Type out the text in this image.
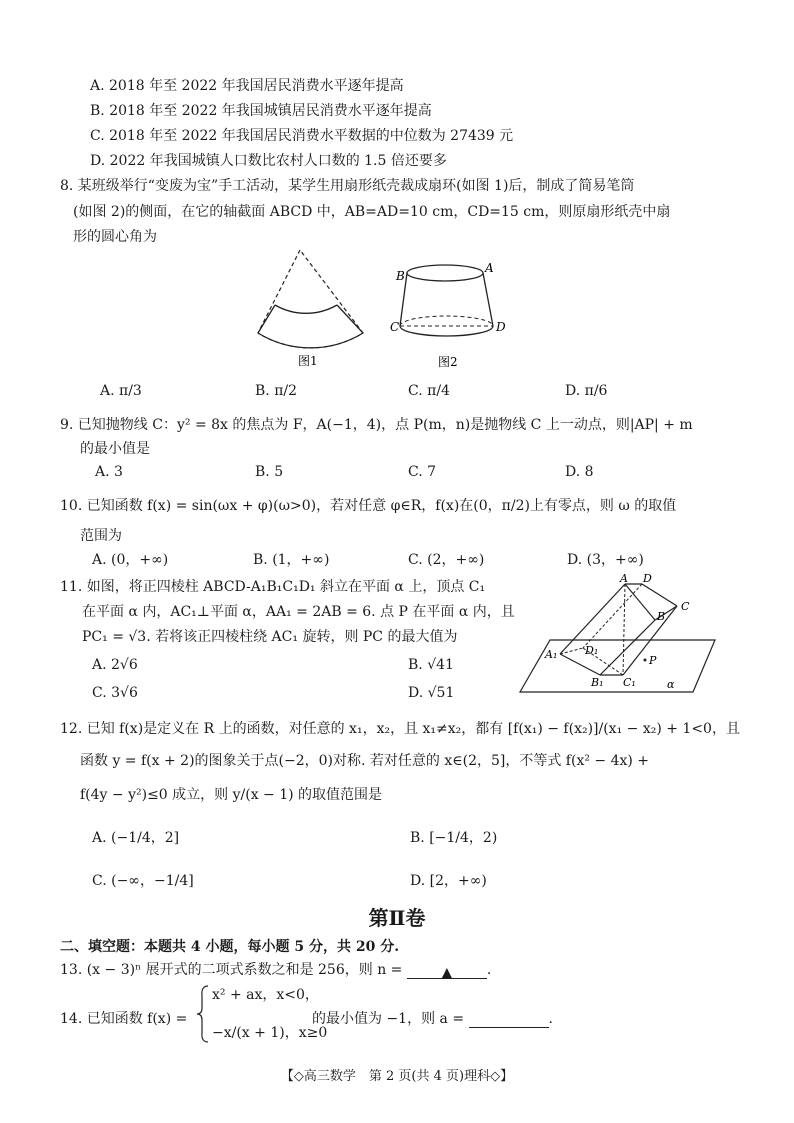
A. 2018 年至 2022 年我国居民消费水平逐年提高
B. 2018 年至 2022 年我国城镇居民消费水平逐年提高
C. 2018 年至 2022 年我国居民消费水平数据的中位数为 27439 元
D. 2022 年我国城镇人口数比农村人口数的 1.5 倍还要多
8. 某班级举行“变废为宝”手工活动，某学生用扇形纸壳裁成扇环(如图 1)后，制成了简易笔筒
(如图 2)的侧面，在它的轴截面 ABCD 中，AB=AD=10 cm，CD=15 cm，则原扇形纸壳中扇
形的圆心角为
图1
B
A
C	D
图2
A. π/3	B. π/2	C. π/4	D. π/6
9. 已知抛物线 C：y² = 8x 的焦点为 F，A(−1，4)，点 P(m，n)是抛物线 C 上一动点，则|AP| + m
的最小值是
A. 3	B. 5	C. 7	D. 8
10. 已知函数 f(x) = sin(ωx + φ)(ω>0)，若对任意 φ∈R，f(x)在(0，π/2)上有零点，则 ω 的取值
范围为
A. (0，+∞)	B. (1，+∞)	C. (2，+∞)	D. (3，+∞)
11. 如图，将正四棱柱 ABCD-A₁B₁C₁D₁ 斜立在平面 α 上，顶点 C₁
在平面 α 内，AC₁⊥平面 α，AA₁ = 2AB = 6. 点 P 在平面 α 内，且
PC₁ = √3. 若将该正四棱柱绕 AC₁ 旋转，则 PC 的最大值为
A. 2√6	B. √41
C. 3√6	D. √51
A D
C
B
A₁	D₁
B₁ C₁
P
α
12. 已知 f(x)是定义在 R 上的函数，对任意的 x₁，x₂，且 x₁≠x₂，都有 [f(x₁) − f(x₂)]/(x₁ − x₂) + 1<0，且
函数 y = f(x + 2)的图象关于点(−2，0)对称. 若对任意的 x∈(2，5]，不等式 f(x² − 4x) +
f(4y − y²)≤0 成立，则 y/(x − 1) 的取值范围是
A. (−1/4，2]	B. [−1/4，2)
C. (−∞，−1/4]	D. [2，+∞)
第Ⅱ卷
二、填空题：本题共 4 小题，每小题 5 分，共 20 分.
13. (x − 3)ⁿ 展开式的二项式系数之和是 256，则 n =	▲ .
14. 已知函数 f(x) =
x² + ax，x<0，
−x/(x + 1)，x≥0
的最小值为 −1，则 a =	.
【◇高三数学　第 2 页(共 4 页)理科◇】
